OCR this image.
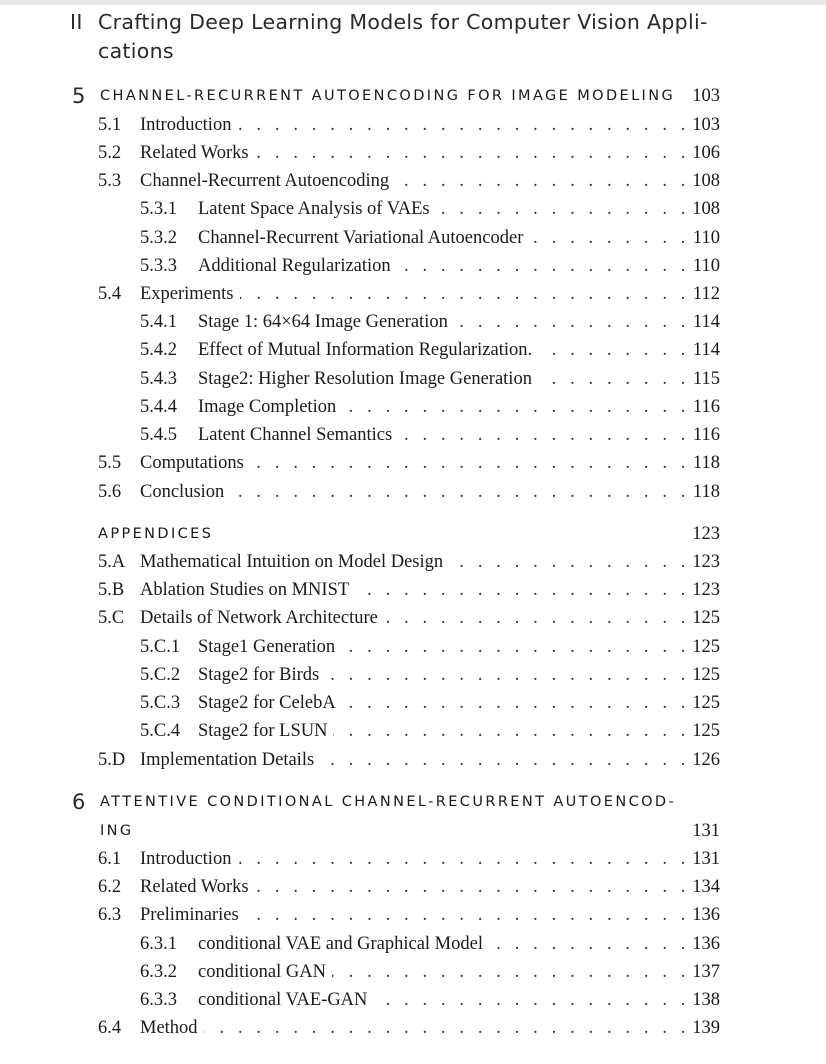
II Crafting Deep Learning Models for Computer Vision Appli-
cations
5 CHANNEL-RECURRENT AUTOENCODING FOR IMAGE MODELING 103
5.1 Introduction . . .	103
5.2 Related Works . . .	106
5.3 Channel-Recurrent Autoencoding . . .	108
5.3.1 Latent Space Analysis of VAEs . . .	108
5.3.2 Channel-Recurrent Variational Autoencoder . . .	110
5.3.3 Additional Regularization . . .	110
5.4 Experiments . . .	112
5.4.1 Stage 1: 64×64 Image Generation . . .	114
5.4.2 Effect of Mutual Information Regularization. . . .	114
5.4.3 Stage2: Higher Resolution Image Generation . . .	115
5.4.4 Image Completion . . .	116
5.4.5 Latent Channel Semantics . . .	116
5.5 Computations . . .	118
5.6 Conclusion . . .	118
APPENDICES	123
5.A Mathematical Intuition on Model Design . . .	123
5.B Ablation Studies on MNIST . . .	123
5.C Details of Network Architecture . . .	125
5.C.1 Stage1 Generation . . .	125
5.C.2 Stage2 for Birds . . .	125
5.C.3 Stage2 for CelebA . . .	125
5.C.4 Stage2 for LSUN . . .	125
5.D Implementation Details . . .	126
6 ATTENTIVE CONDITIONAL CHANNEL-RECURRENT AUTOENCOD-
ING	131
6.1 Introduction . . .	131
6.2 Related Works . . .	134
6.3 Preliminaries . . .	136
6.3.1 conditional VAE and Graphical Model . . .	136
6.3.2 conditional GAN . . .	137
6.3.3 conditional VAE-GAN . . .	138
6.4 Method . . .	139
